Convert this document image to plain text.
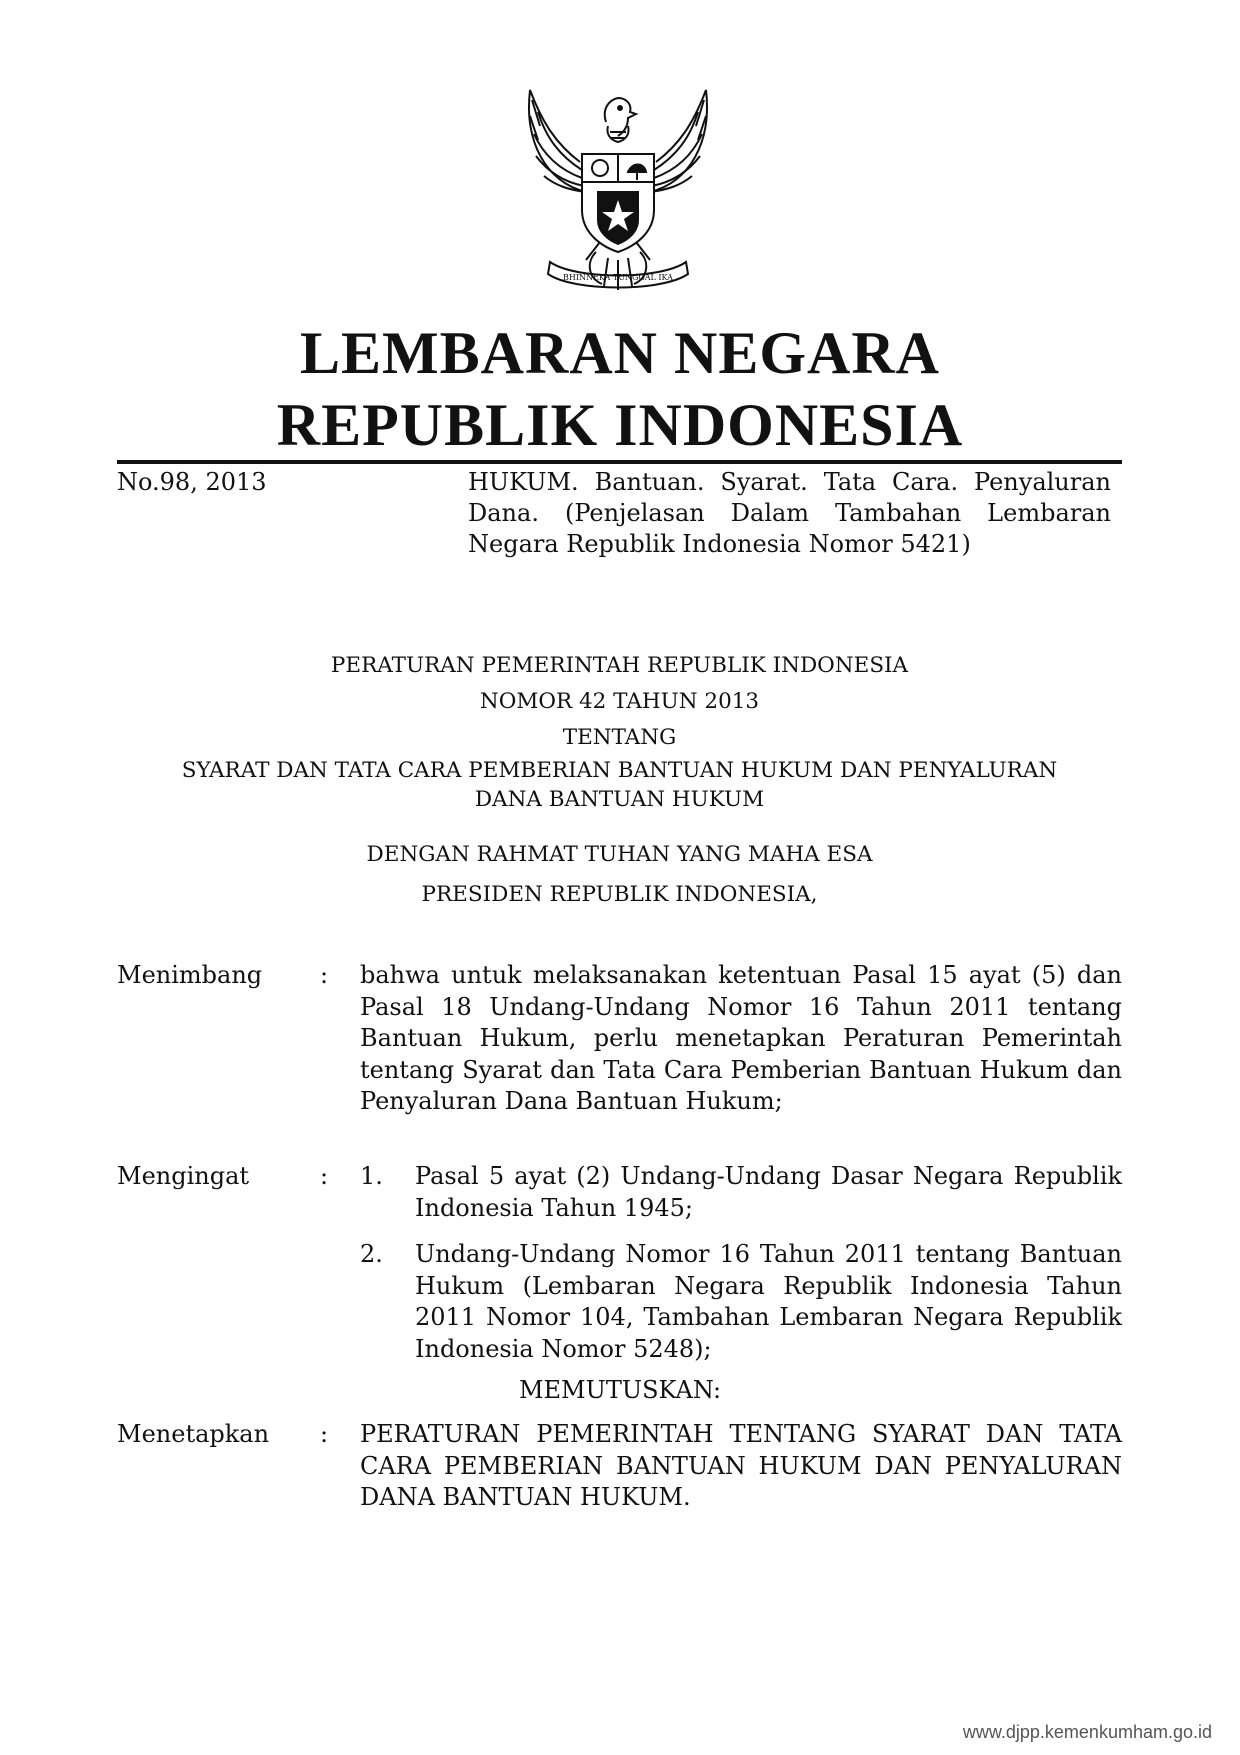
BHINNEKA TUNGGAL IKA
LEMBARAN NEGARA
REPUBLIK INDONESIA
No.98, 2013	HUKUM. Bantuan. Syarat. Tata Cara. Penyaluran Dana. (Penjelasan Dalam Tambahan Lembaran Negara Republik Indonesia Nomor 5421)
PERATURAN PEMERINTAH REPUBLIK INDONESIA
NOMOR 42 TAHUN 2013
TENTANG
SYARAT DAN TATA CARA PEMBERIAN BANTUAN HUKUM DAN PENYALURAN
DANA BANTUAN HUKUM
DENGAN RAHMAT TUHAN YANG MAHA ESA
PRESIDEN REPUBLIK INDONESIA,
Menimbang : bahwa untuk melaksanakan ketentuan Pasal 15 ayat (5) dan Pasal 18 Undang-Undang Nomor 16 Tahun 2011 tentang Bantuan Hukum, perlu menetapkan Peraturan Pemerintah tentang Syarat dan Tata Cara Pemberian Bantuan Hukum dan Penyaluran Dana Bantuan Hukum;
Mengingat	: 1. Pasal 5 ayat (2) Undang-Undang Dasar Negara Republik Indonesia Tahun 1945;
2. Undang-Undang Nomor 16 Tahun 2011 tentang Bantuan Hukum (Lembaran Negara Republik Indonesia Tahun 2011 Nomor 104, Tambahan Lembaran Negara Republik Indonesia Nomor 5248);
MEMUTUSKAN:
Menetapkan : PERATURAN PEMERINTAH TENTANG SYARAT DAN TATA CARA PEMBERIAN BANTUAN HUKUM DAN PENYALURAN DANA BANTUAN HUKUM.
www.djpp.kemenkumham.go.id
